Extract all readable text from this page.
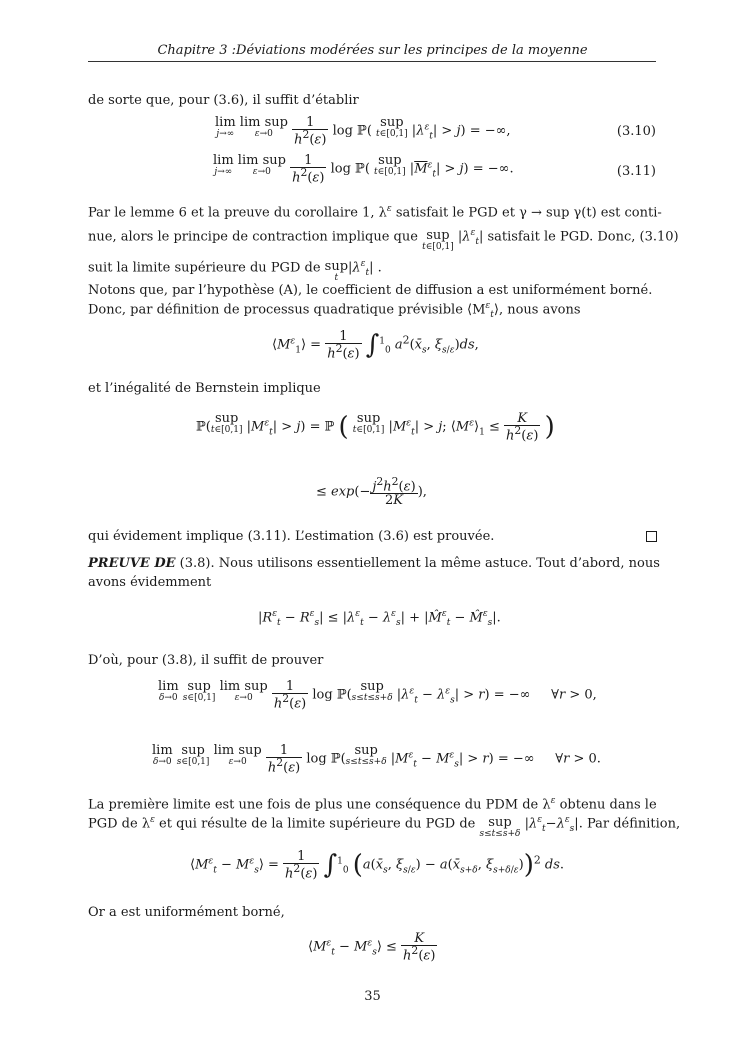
Chapitre 3 :Déviations modérées sur les principes de la moyenne
de sorte que, pour (3.6), il suffit d’établir
lim
j→∞
lim sup
ε→0
	$\frac{1}{h^2(\varepsilon)}$ log ℙ( sup
t∈[0,1] $|\lambda^\varepsilon_t| > j$) = −∞,	(3.10)
lim
j→∞
lim sup
ε→0
	$\frac{1}{h^2(\varepsilon)}$ log ℙ( sup
t∈[0,1] $|\overline{M}^\varepsilon_t| > j$) = −∞.	(3.11)
Par le lemme 6 et la preuve du corollaire 1, $\lambda^\varepsilon$ satisfait le PGD et γ → sup γ(t) est conti-
nue, alors le principe de contraction implique que sup
t∈[0,1]
$|\lambda^\varepsilon_t|$ satisfait le PGD. Donc, (3.10)
suit la limite supérieure du PGD de sup
t
$|\lambda^\varepsilon_t|$ .
Notons que, par l’hypothèse (A), le coefficient de diffusion a est uniformément borné.
Donc, par définition de processus quadratique prévisible $⟨M^\varepsilon_t⟩$, nous avons
$⟨M^\varepsilon_1⟩ = \frac{1}{h^2(\varepsilon)} \int^1_0$ $a^2(x̄_s$, $\xi_{s/\varepsilon})ds$,
et l’inégalité de Bernstein implique
ℙ(sup
t∈[0,1] $|M^\varepsilon_t| > j$) = ℙ ( sup
t∈[0,1] $|M^\varepsilon_t| > j$; $⟨M^\varepsilon⟩_1 \le \frac{K}{h^2(\varepsilon)}$ )
≤ $\exp(- \frac{j^2h^2(\varepsilon)}{2K}$ ),
qui évidement implique (3.11). L’estimation (3.6) est prouvée.
PREUVE DE (3.8). Nous utilisons essentiellement la même astuce. Tout d’abord, nous
avons évidemment
$|R^\varepsilon_t - R^\varepsilon_s| \le |\lambda^\varepsilon_t - \lambda^\varepsilon_s|$ + |M̂$^\varepsilon_t$ − M̂$^\varepsilon_s$|.
D’où, pour (3.8), il suffit de prouver
lim
δ→0
sup
s∈[0,1]
lim sup
ε→0
	$\frac{1}{h^2(\varepsilon)}$ log ℙ(sup
s≤t≤s+δ $|\lambda^\varepsilon_t - \lambda^\varepsilon_s| > r$) = −∞     ∀r > 0,
lim
δ→0
sup
s∈[0,1]
lim sup
ε→0
	$\frac{1}{h^2(\varepsilon)}$ log ℙ(sup
s≤t≤s+δ $|M^\varepsilon_t - M^\varepsilon_s| > r$) = −∞     ∀r > 0.
La première limite est une fois de plus une conséquence du PDM de $\lambda^\varepsilon$ obtenu dans le
PGD de $\lambda^\varepsilon$ et qui résulte de la limite supérieure du PGD de sup
s≤t≤s+δ
$|\lambda^\varepsilon_t-\lambda^\varepsilon_s|$. Par définition,
$⟨M^\varepsilon_t$ − $M^\varepsilon_s⟩ = \frac{1}{h^2(\varepsilon)} \int^1_0$ ($a(x̄_s$, $\xi_{s/\varepsilon}$) − $a(x̄_{s+\delta}$, $\xi_{s+\delta/\varepsilon}))^2$ ds.
Or a est uniformément borné,
$⟨M^\varepsilon_t$ − $M^\varepsilon_s⟩ \le \frac{K}{h^2(\varepsilon)}$
35
